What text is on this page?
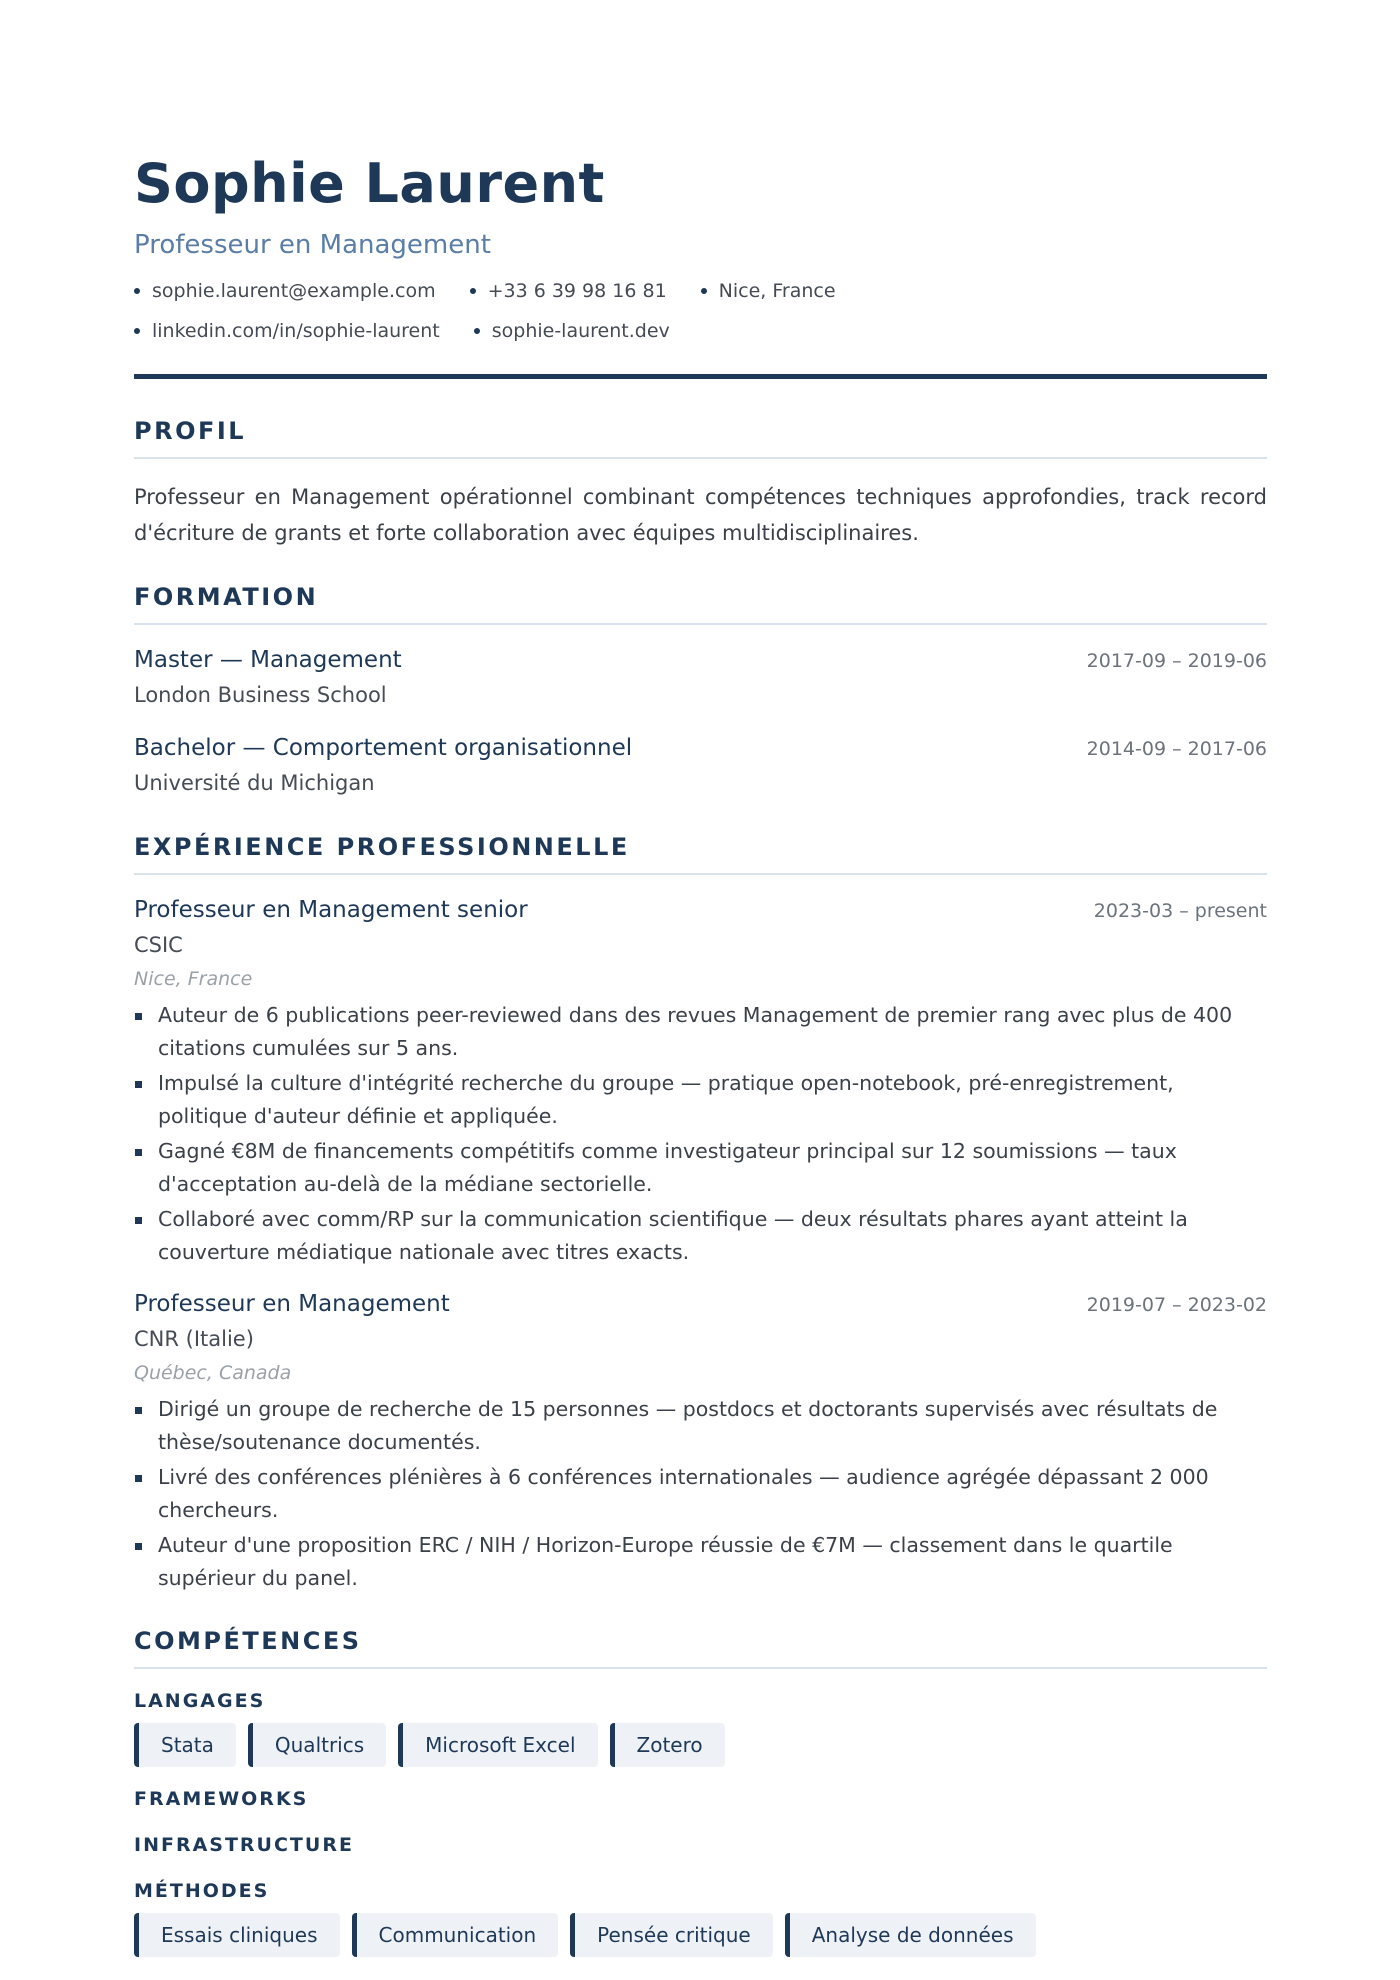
Sophie Laurent
Professeur en Management
sophie.laurent@example.com	+33 6 39 98 16 81	Nice, France
linkedin.com/in/sophie-laurent	sophie-laurent.dev
PROFIL

Professeur en Management opérationnel combinant compétences techniques approfondies, track record d'écriture de grants et forte collaboration avec équipes multidisciplinaires.

FORMATION
Master — Management	2017-09 – 2019-06
London Business School
Bachelor — Comportement organisationnel	2014-09 – 2017-06
Université du Michigan
EXPÉRIENCE PROFESSIONNELLE
Professeur en Management senior	2023-03 – present
CSIC
Nice, France
Auteur de 6 publications peer-reviewed dans des revues Management de premier rang avec plus de 400 citations cumulées sur 5 ans.
Impulsé la culture d'intégrité recherche du groupe — pratique open-notebook, pré-enregistrement, politique d'auteur définie et appliquée.
Gagné €8M de financements compétitifs comme investigateur principal sur 12 soumissions — taux d'acceptation au-delà de la médiane sectorielle.
Collaboré avec comm/RP sur la communication scientifique — deux résultats phares ayant atteint la couverture médiatique nationale avec titres exacts.
Professeur en Management	2019-07 – 2023-02
CNR (Italie)
Québec, Canada
Dirigé un groupe de recherche de 15 personnes — postdocs et doctorants supervisés avec résultats de thèse/soutenance documentés.
Livré des conférences plénières à 6 conférences internationales — audience agrégée dépassant 2 000 chercheurs.
Auteur d'une proposition ERC / NIH / Horizon-Europe réussie de €7M — classement dans le quartile supérieur du panel.
COMPÉTENCES
LANGAGES
Stata	Qualtrics	Microsoft Excel	Zotero
FRAMEWORKS
INFRASTRUCTURE
MÉTHODES
Essais cliniques	Communication	Pensée critique	Analyse de données
